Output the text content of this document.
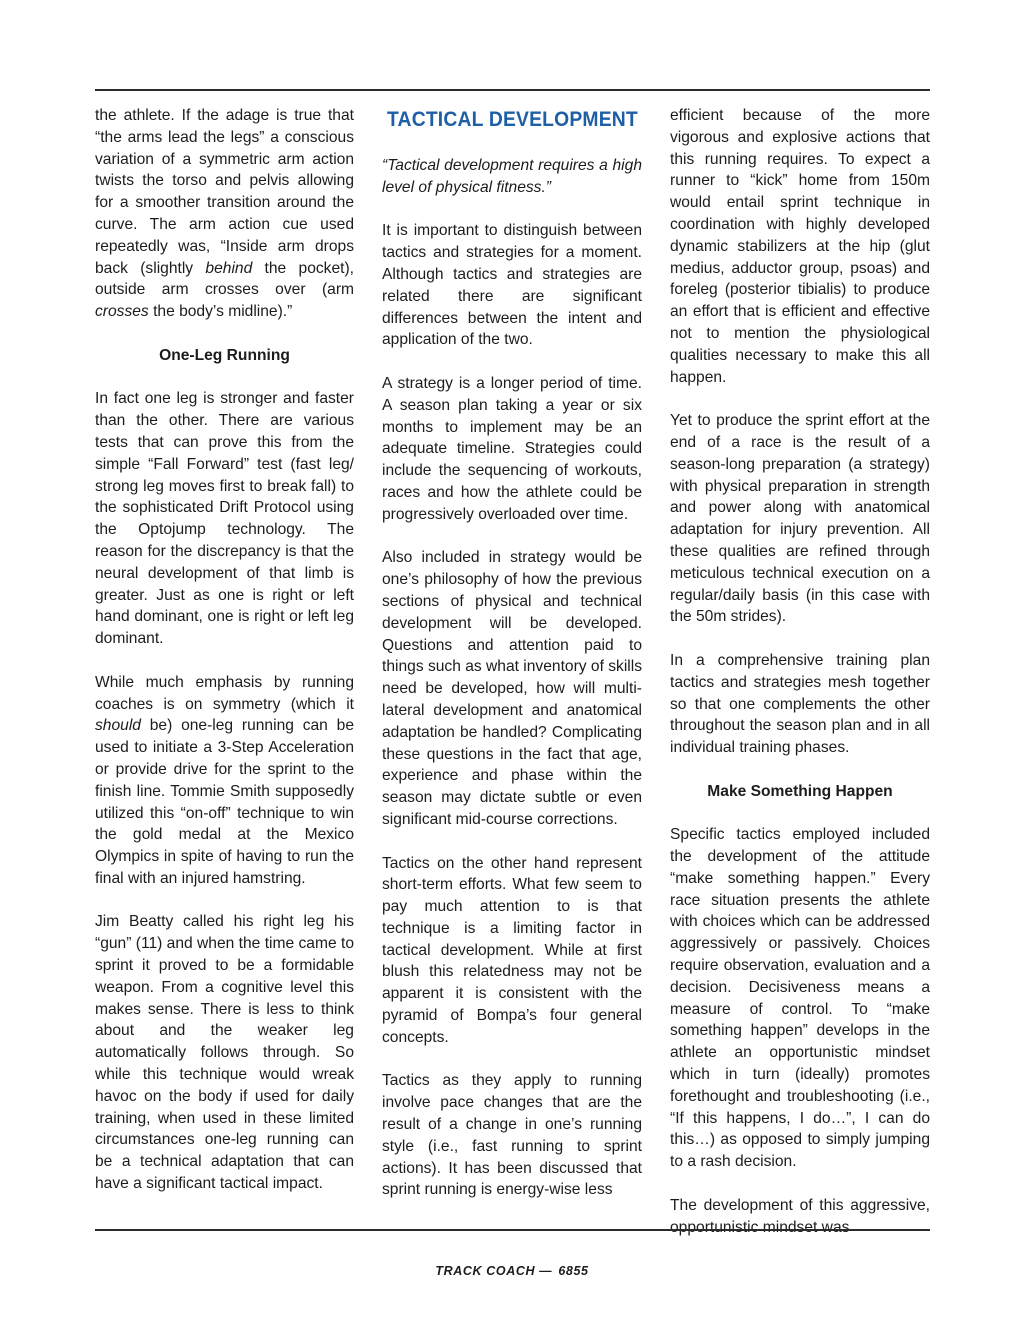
the athlete. If the adage is true that “the arms lead the legs” a conscious variation of a symmetric arm action twists the torso and pelvis allowing for a smoother transition around the curve. The arm action cue used repeatedly was, “Inside arm drops back (slightly behind the pocket), outside arm crosses over (arm crosses the body’s midline).”

One-Leg Running

In fact one leg is stronger and faster than the other. There are various tests that can prove this from the simple “Fall Forward” test (fast leg/ strong leg moves first to break fall) to the sophisticated Drift Protocol using the Optojump technology. The reason for the discrepancy is that the neural development of that limb is greater. Just as one is right or left hand dominant, one is right or left leg dominant.

While much emphasis by running coaches is on symmetry (which it should be) one-leg running can be used to initiate a 3-Step Acceleration or provide drive for the sprint to the finish line. Tommie Smith supposedly utilized this “on-off” technique to win the gold medal at the Mexico Olympics in spite of having to run the final with an injured hamstring.

Jim Beatty called his right leg his “gun” (11) and when the time came to sprint it proved to be a formidable weapon. From a cognitive level this makes sense. There is less to think about and the weaker leg automatically follows through. So while this technique would wreak havoc on the body if used for daily training, when used in these limited circumstances one-leg running can be a technical adaptation that can have a significant tactical impact.

TACTICAL DEVELOPMENT

“Tactical development requires a high level of physical fitness.”

It is important to distinguish between tactics and strategies for a moment. Although tactics and strategies are related there are significant differences between the intent and application of the two.

A strategy is a longer period of time. A season plan taking a year or six months to implement may be an adequate timeline. Strategies could include the sequencing of workouts, races and how the athlete could be progressively overloaded over time.

Also included in strategy would be one’s philosophy of how the previous sections of physical and technical development will be developed. Questions and attention paid to things such as what inventory of skills need be developed, how will multi-lateral development and anatomical adaptation be handled? Complicating these questions in the fact that age, experience and phase within the season may dictate subtle or even significant mid-course corrections.

Tactics on the other hand represent short-term efforts. What few seem to pay much attention to is that technique is a limiting factor in tactical development. While at first blush this relatedness may not be apparent it is consistent with the pyramid of Bompa’s four general concepts.

Tactics as they apply to running involve pace changes that are the result of a change in one’s running style (i.e., fast running to sprint actions). It has been discussed that sprint running is energy-wise less

efficient because of the more vigorous and explosive actions that this running requires. To expect a runner to “kick” home from 150m would entail sprint technique in coordination with highly developed dynamic stabilizers at the hip (glut medius, adductor group, psoas) and foreleg (posterior tibialis) to produce an effort that is efficient and effective not to mention the physiological qualities necessary to make this all happen.

Yet to produce the sprint effort at the end of a race is the result of a season-long preparation (a strategy) with physical preparation in strength and power along with anatomical adaptation for injury prevention. All these qualities are refined through meticulous technical execution on a regular/daily basis (in this case with the 50m strides).

In a comprehensive training plan tactics and strategies mesh together so that one complements the other throughout the season plan and in all individual training phases.

Make Something Happen

Specific tactics employed included the development of the attitude “make something happen.” Every race situation presents the athlete with choices which can be addressed aggressively or passively. Choices require observation, evaluation and a decision. Decisiveness means a measure of control. To “make something happen” develops in the athlete an opportunistic mindset which in turn (ideally) promotes forethought and troubleshooting (i.e., “If this happens, I do…”, I can do this…) as opposed to simply jumping to a rash decision.

The development of this aggressive, opportunistic mindset was

TRACK COACH — 6855
